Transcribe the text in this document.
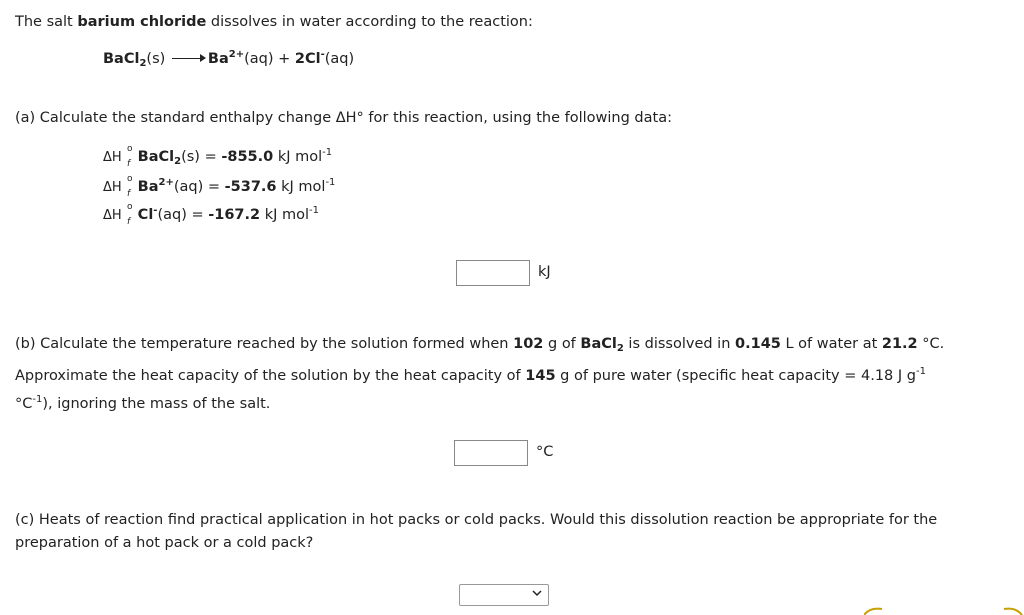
The salt barium chloride dissolves in water according to the reaction:
BaCl$_2$(s)	$Ba^{2+}(aq) + 2Cl^-(aq)$
(a) Calculate the standard enthalpy change ΔH° for this reaction, using the following data:
ΔH
o
f BaCl$_2$(s) = -855.0 kJ mol$^{-1}$
ΔH
o
f $Ba^{2+}(aq) = -537.6$ kJ mol$^{-1}$
ΔH
o
f Cl-(aq) = -167.2 kJ mol$^{-1}$
kJ
(b) Calculate the temperature reached by the solution formed when 102 g of BaCl$_2$ is dissolved in 0.145 L of water at 21.2 °C.
Approximate the heat capacity of the solution by the heat capacity of 145 g of pure water (specific heat capacity = 4.18 J $g^{-1}$
$^\circ C^{-1}$), ignoring the mass of the salt.
°C
(c) Heats of reaction find practical application in hot packs or cold packs. Would this dissolution reaction be appropriate for the preparation of a hot pack or a cold pack?
